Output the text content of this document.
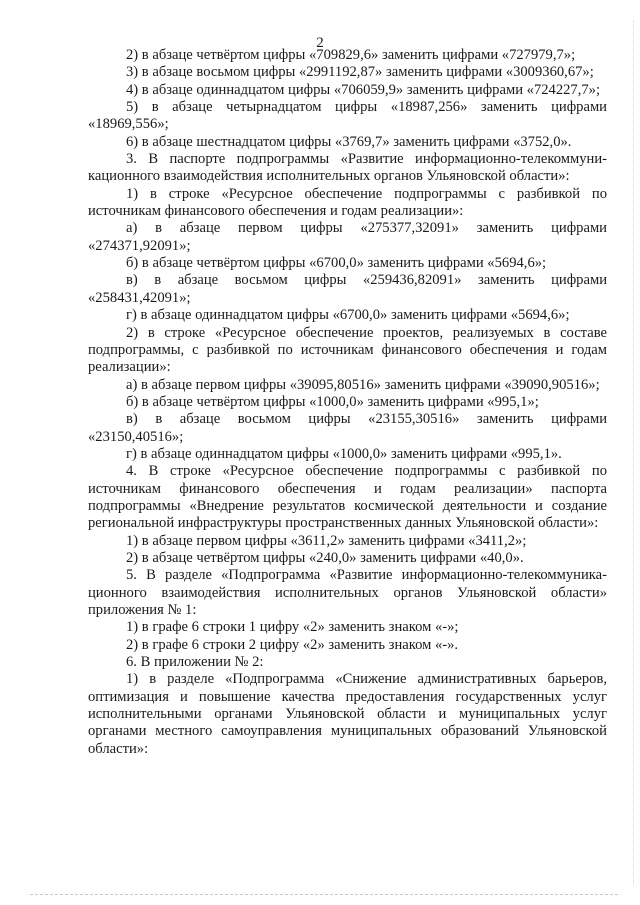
2

2) в абзаце четвёртом цифры «709829,6» заменить цифрами «727979,7»;

3) в абзаце восьмом цифры «2991192,87» заменить цифрами «3009360,67»;

4) в абзаце одиннадцатом цифры «706059,9» заменить цифрами «724227,7»;

5) в абзаце четырнадцатом цифры «18987,256» заменить цифрами «18969,556»;

6) в абзаце шестнадцатом цифры «3769,7» заменить цифрами «3752,0».

3. В паспорте подпрограммы «Развитие информационно-телекоммуни-кационного взаимодействия исполнительных органов Ульяновской области»:

1) в строке «Ресурсное обеспечение подпрограммы с разбивкой по источникам финансового обеспечения и годам реализации»:

а) в абзаце первом цифры «275377,32091» заменить цифрами «274371,92091»;

б) в абзаце четвёртом цифры «6700,0» заменить цифрами «5694,6»;

в) в абзаце восьмом цифры «259436,82091» заменить цифрами «258431,42091»;

г) в абзаце одиннадцатом цифры «6700,0» заменить цифрами «5694,6»;

2) в строке «Ресурсное обеспечение проектов, реализуемых в составе подпрограммы, с разбивкой по источникам финансового обеспечения и годам реализации»:

а) в абзаце первом цифры «39095,80516» заменить цифрами «39090,90516»;

б) в абзаце четвёртом цифры «1000,0» заменить цифрами «995,1»;

в) в абзаце восьмом цифры «23155,30516» заменить цифрами «23150,40516»;

г) в абзаце одиннадцатом цифры «1000,0» заменить цифрами «995,1».

4. В строке «Ресурсное обеспечение подпрограммы с разбивкой по источникам финансового обеспечения и годам реализации» паспорта подпрограммы «Внедрение результатов космической деятельности и создание региональной инфраструктуры пространственных данных Ульяновской области»:

1) в абзаце первом цифры «3611,2» заменить цифрами «3411,2»;

2) в абзаце четвёртом цифры «240,0» заменить цифрами «40,0».

5. В разделе «Подпрограмма «Развитие информационно-телекоммуника-ционного взаимодействия исполнительных органов Ульяновской области» приложения № 1:

1) в графе 6 строки 1 цифру «2» заменить знаком «-»;

2) в графе 6 строки 2 цифру «2» заменить знаком «-».

6. В приложении № 2:

1) в разделе «Подпрограмма «Снижение административных барьеров, оптимизация и повышение качества предоставления государственных услуг исполнительными органами Ульяновской области и муниципальных услуг органами местного самоуправления муниципальных образований Ульяновской области»:
